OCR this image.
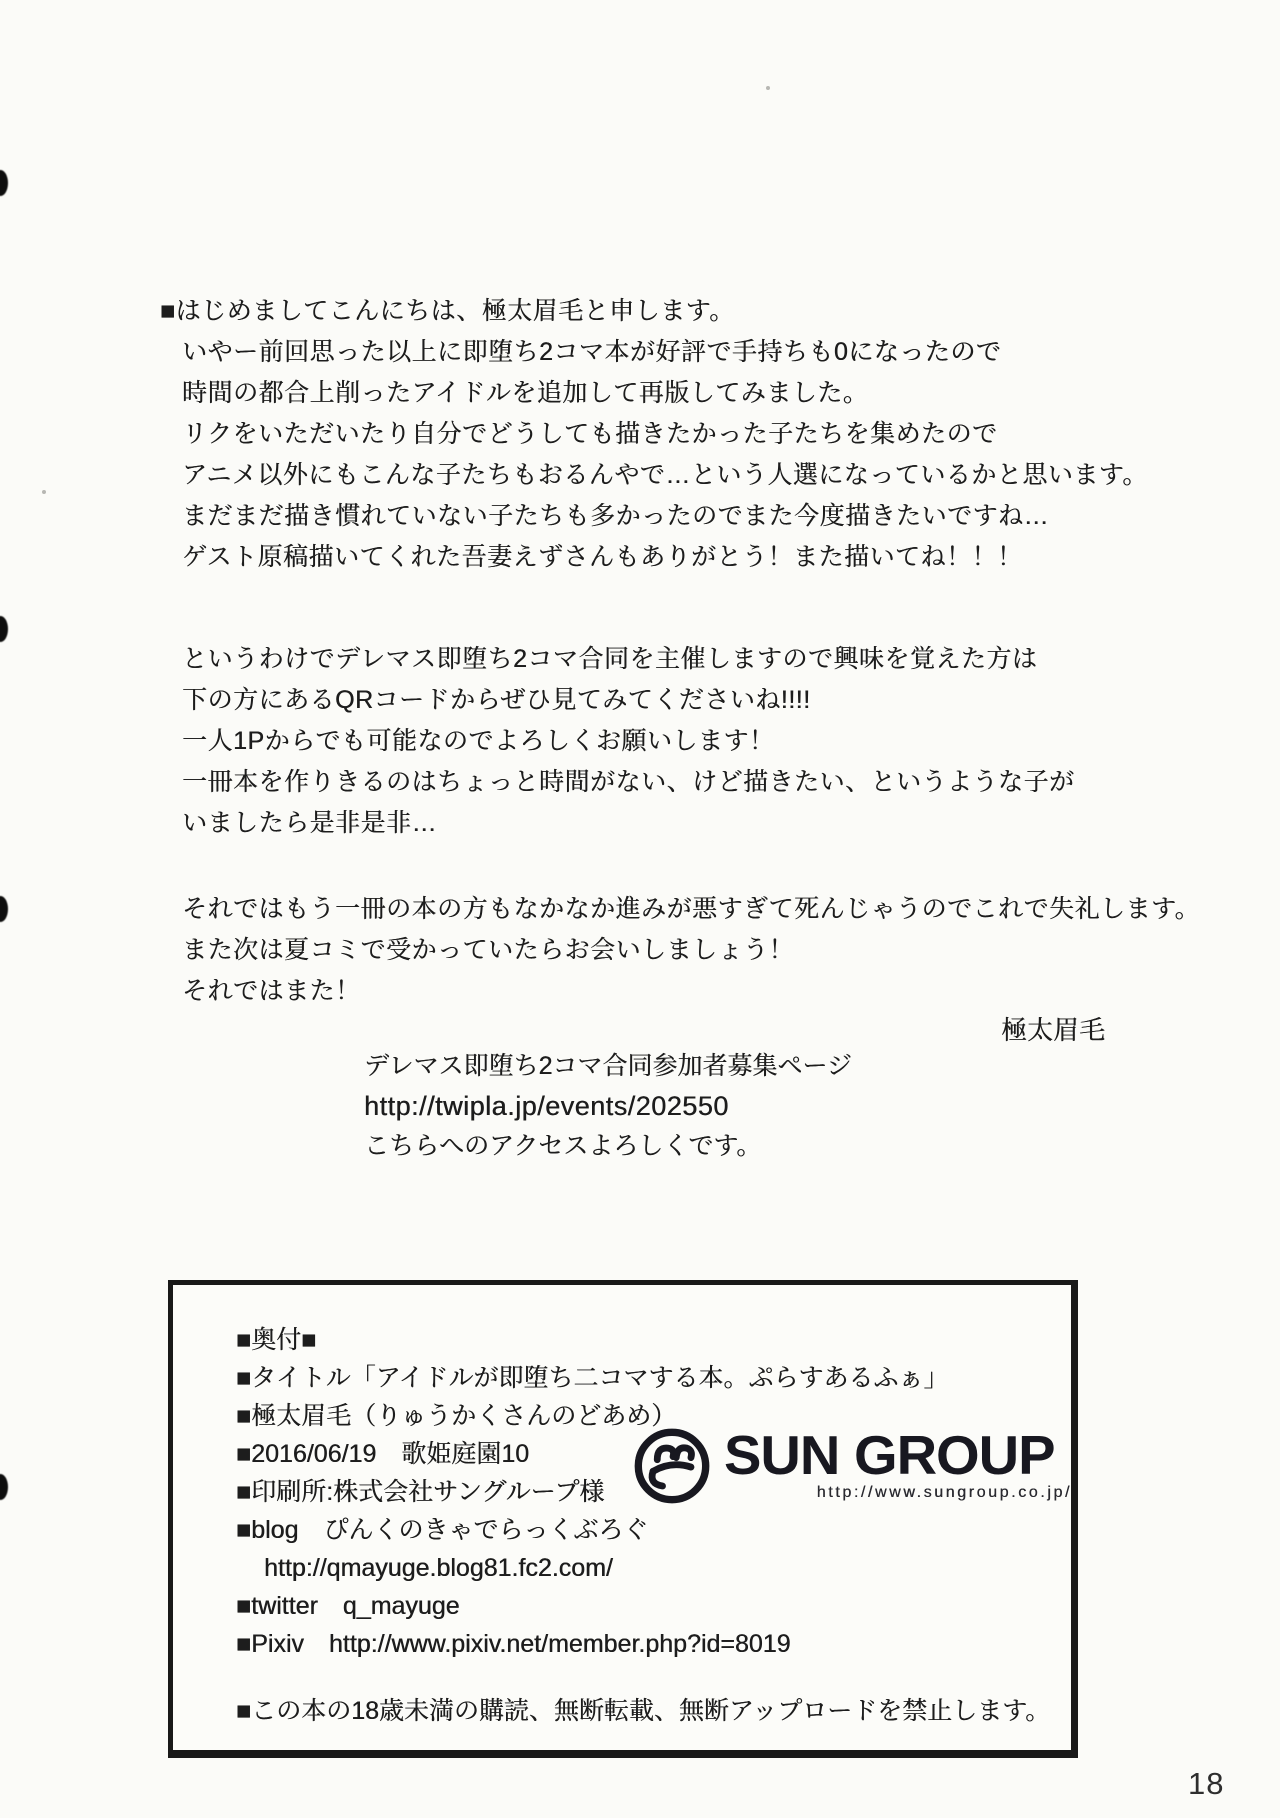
■はじめましてこんにちは、極太眉毛と申します。
いやー前回思った以上に即堕ち2コマ本が好評で手持ちも0になったので
時間の都合上削ったアイドルを追加して再版してみました。
リクをいただいたり自分でどうしても描きたかった子たちを集めたので
アニメ以外にもこんな子たちもおるんやで…という人選になっているかと思います。
まだまだ描き慣れていない子たちも多かったのでまた今度描きたいですね…
ゲスト原稿描いてくれた吾妻えずさんもありがとう！また描いてね！！！
というわけでデレマス即堕ち2コマ合同を主催しますので興味を覚えた方は
下の方にあるQRコードからぜひ見てみてくださいね!!!!
一人1Pからでも可能なのでよろしくお願いします！
一冊本を作りきるのはちょっと時間がない、けど描きたい、というような子が
いましたら是非是非…
それではもう一冊の本の方もなかなか進みが悪すぎて死んじゃうのでこれで失礼します。
また次は夏コミで受かっていたらお会いしましょう！
それではまた！
極太眉毛
デレマス即堕ち2コマ合同参加者募集ページ
http://twipla.jp/events/202550
こちらへのアクセスよろしくです。
■奥付■
■タイトル「アイドルが即堕ち二コマする本。ぷらすあるふぁ」
■極太眉毛（りゅうかくさんのどあめ）
■2016/06/19　歌姫庭園10
■印刷所:株式会社サングループ様
■blog　ぴんくのきゃでらっくぶろぐ
http://qmayuge.blog81.fc2.com/
■twitter　q_mayuge
■Pixiv　http://www.pixiv.net/member.php?id=8019
■この本の18歳未満の購読、無断転載、無断アップロードを禁止します。
SUN GROUP
http://www.sungroup.co.jp/
18
